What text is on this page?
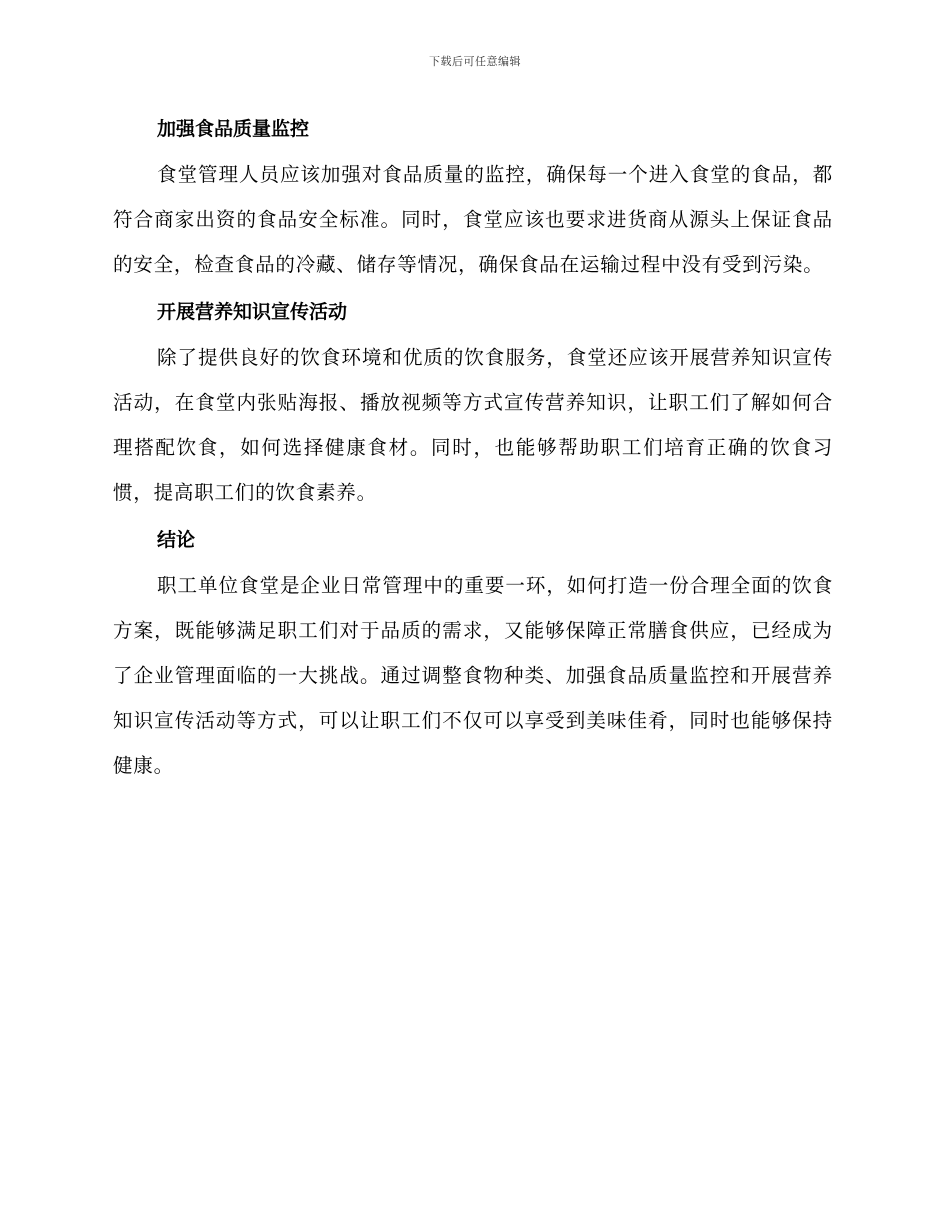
下载后可任意编辑
加强食品质量监控

食堂管理人员应该加强对食品质量的监控，确保每一个进入食堂的食品，都符合商家出资的食品安全标准。同时，食堂应该也要求进货商从源头上保证食品的安全，检查食品的冷藏、储存等情况，确保食品在运输过程中没有受到污染。

开展营养知识宣传活动

除了提供良好的饮食环境和优质的饮食服务，食堂还应该开展营养知识宣传活动，在食堂内张贴海报、播放视频等方式宣传营养知识，让职工们了解如何合理搭配饮食，如何选择健康食材。同时，也能够帮助职工们培育正确的饮食习惯，提高职工们的饮食素养。

结论

职工单位食堂是企业日常管理中的重要一环，如何打造一份合理全面的饮食方案，既能够满足职工们对于品质的需求，又能够保障正常膳食供应，已经成为了企业管理面临的一大挑战。通过调整食物种类、加强食品质量监控和开展营养知识宣传活动等方式，可以让职工们不仅可以享受到美味佳肴，同时也能够保持健康。
